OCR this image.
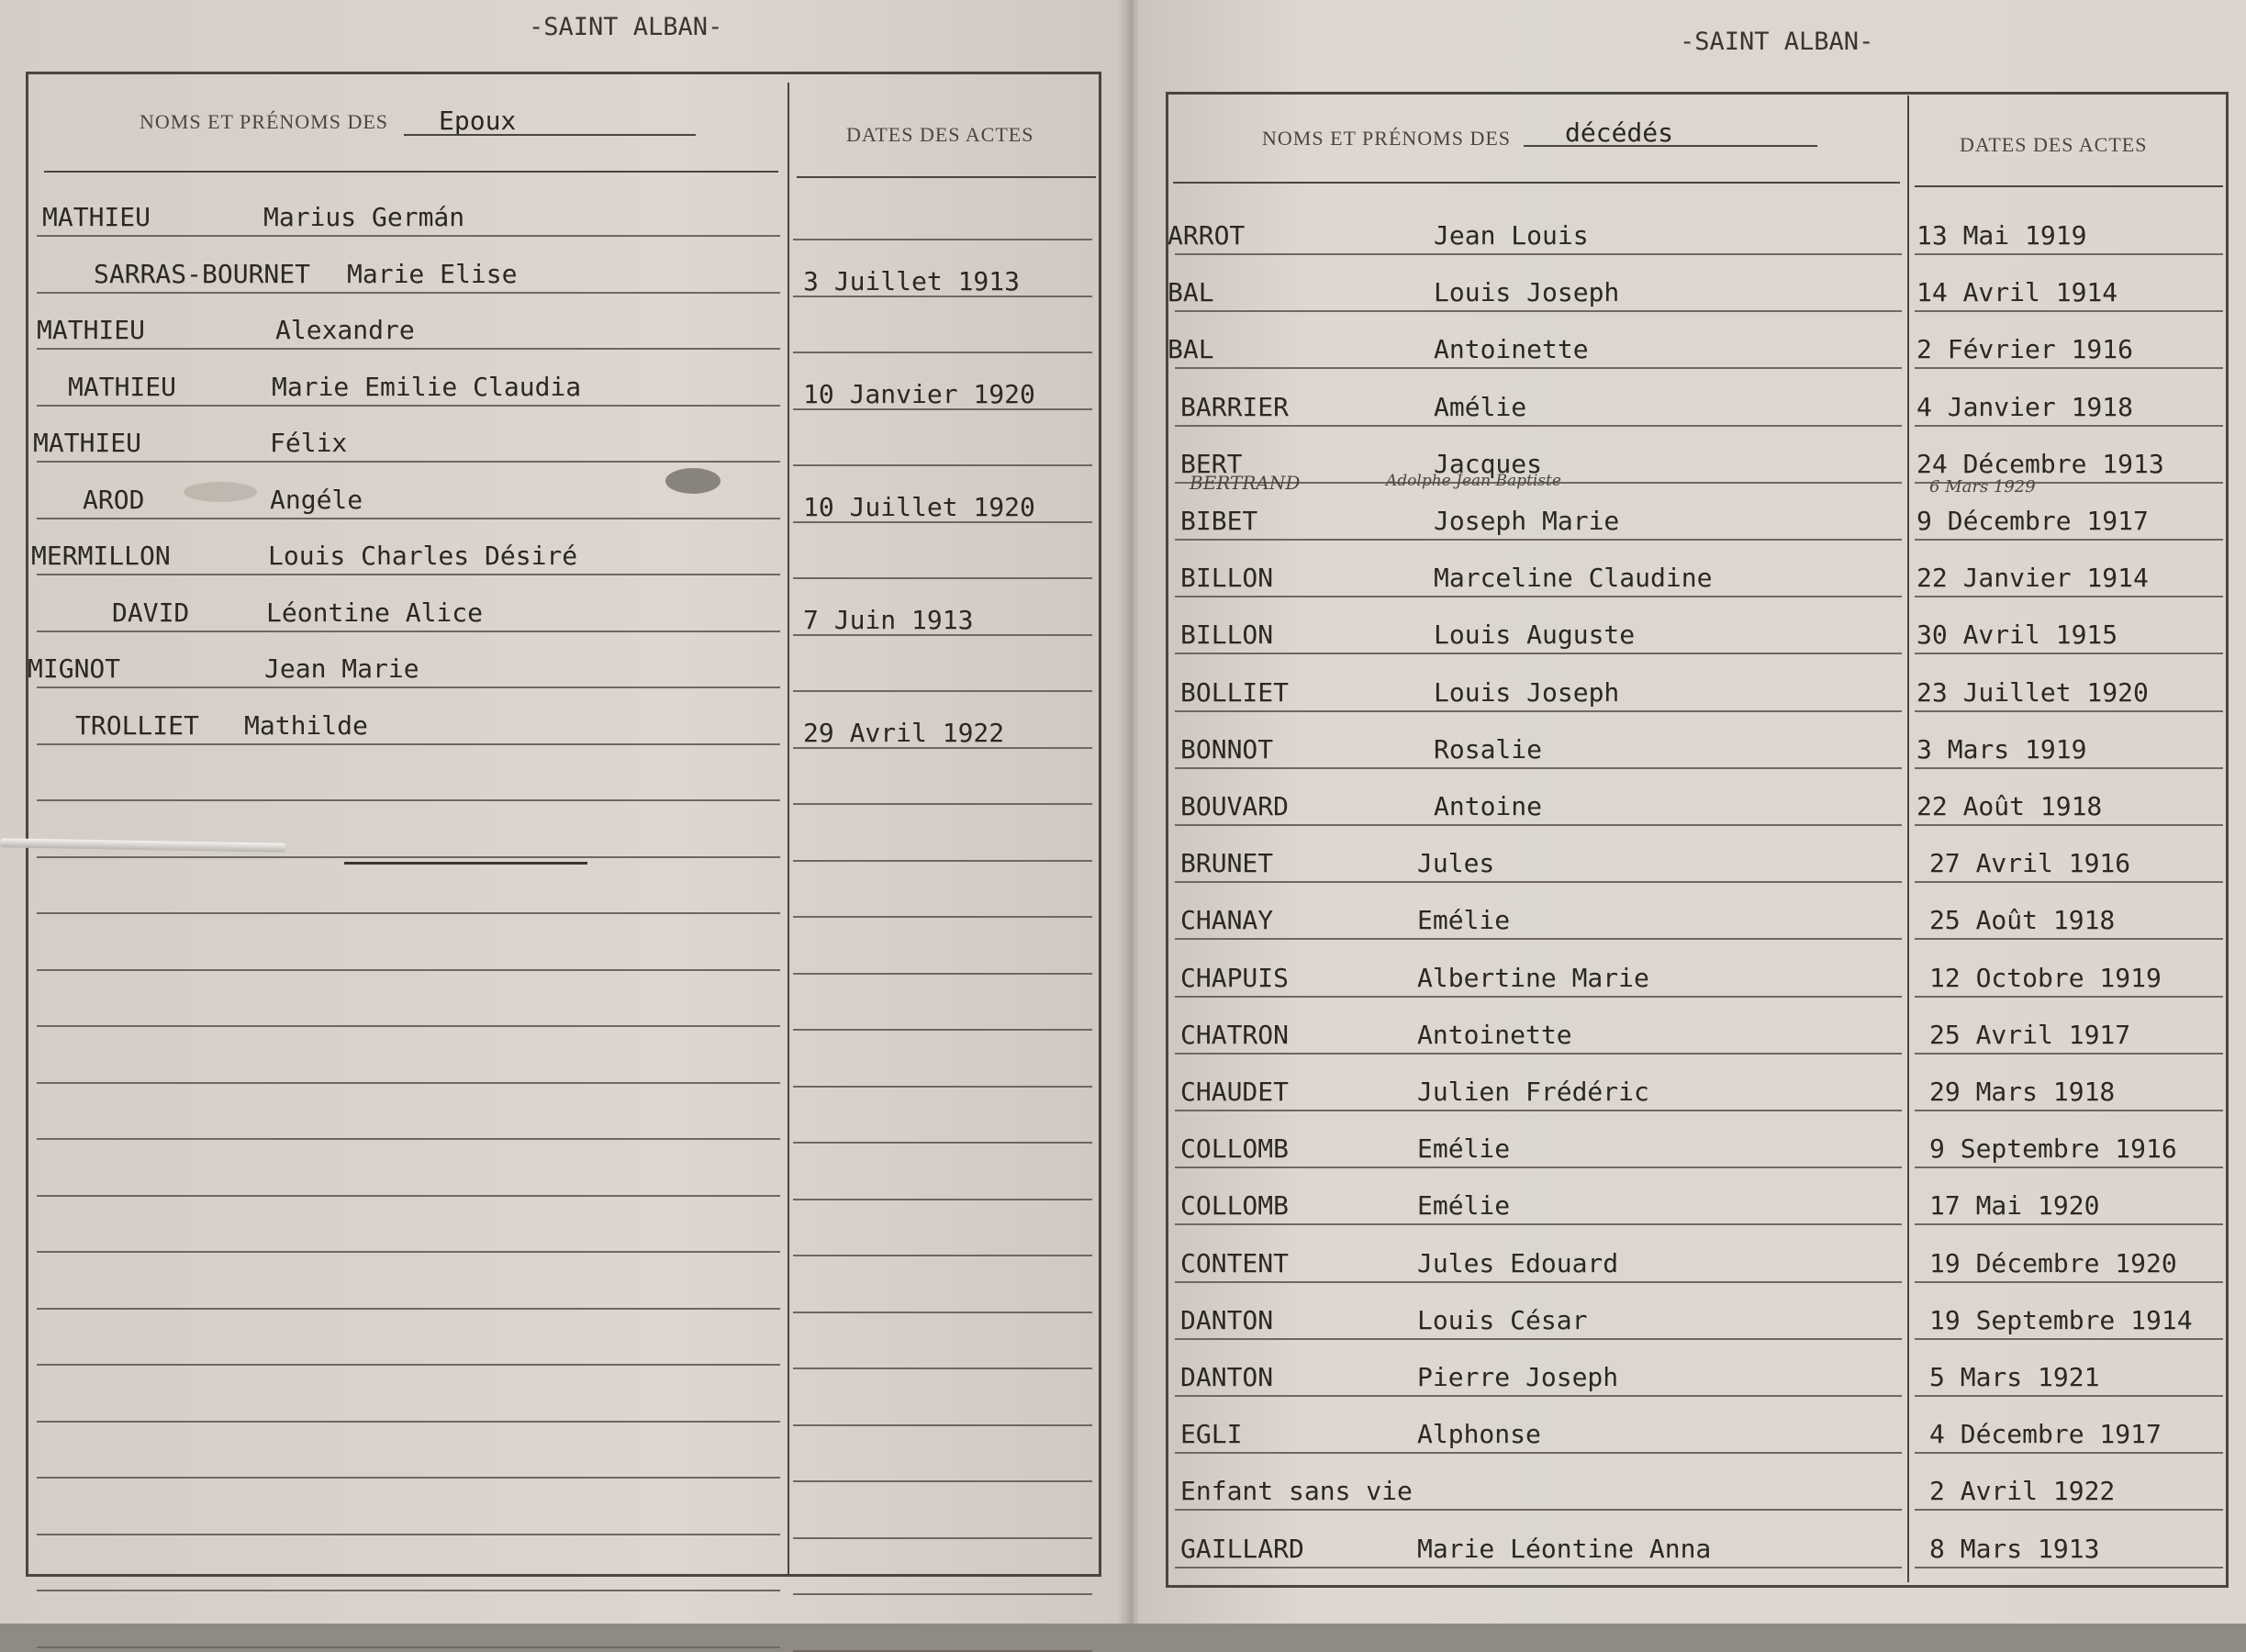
-SAINT ALBAN-
NOMS ET PRÉNOMS DES Epoux	DATES DES ACTES
MATHIEU	Marius Germán
SARRAS-BOURNET Marie Elise	3 Juillet 1913
MATHIEU	Alexandre
MATHIEU	Marie Emilie Claudia	10 Janvier 1920
MATHIEU	Félix
AROD	Angéle	10 Juillet 1920
MERMILLON	Louis Charles Désiré
DAVID	Léontine Alice	7 Juin 1913
MIGNOT	Jean Marie
TROLLIET Mathilde	29 Avril 1922
-SAINT ALBAN-
NOMS ET PRÉNOMS DES décédés	DATES DES ACTES
ARROT	Jean Louis	13 Mai 1919
BAL	Louis Joseph	14 Avril 1914
BAL	Antoinette	2 Février 1916
BARRIER	Amélie	4 Janvier 1918
BERT	Jacques	24 Décembre 1913
BIBET	Joseph Marie	9 Décembre 1917
BILLON	Marceline Claudine	22 Janvier 1914
BILLON	Louis Auguste	30 Avril 1915
BOLLIET	Louis Joseph	23 Juillet 1920
BONNOT	Rosalie	3 Mars 1919
BOUVARD	Antoine	22 Août 1918
BRUNET	Jules	27 Avril 1916
CHANAY	Emélie	25 Août 1918
CHAPUIS	Albertine Marie	12 Octobre 1919
CHATRON	Antoinette	25 Avril 1917
CHAUDET	Julien Frédéric	29 Mars 1918
COLLOMB	Emélie	9 Septembre 1916
COLLOMB	Emélie	17 Mai 1920
CONTENT	Jules Edouard	19 Décembre 1920
DANTON	Louis César	19 Septembre 1914
DANTON	Pierre Joseph	5 Mars 1921
EGLI	Alphonse	4 Décembre 1917
Enfant sans vie	2 Avril 1922
GAILLARD	Marie Léontine Anna	8 Mars 1913
BERTRAND	Adolphe Jean Baptiste	6 Mars 1929
